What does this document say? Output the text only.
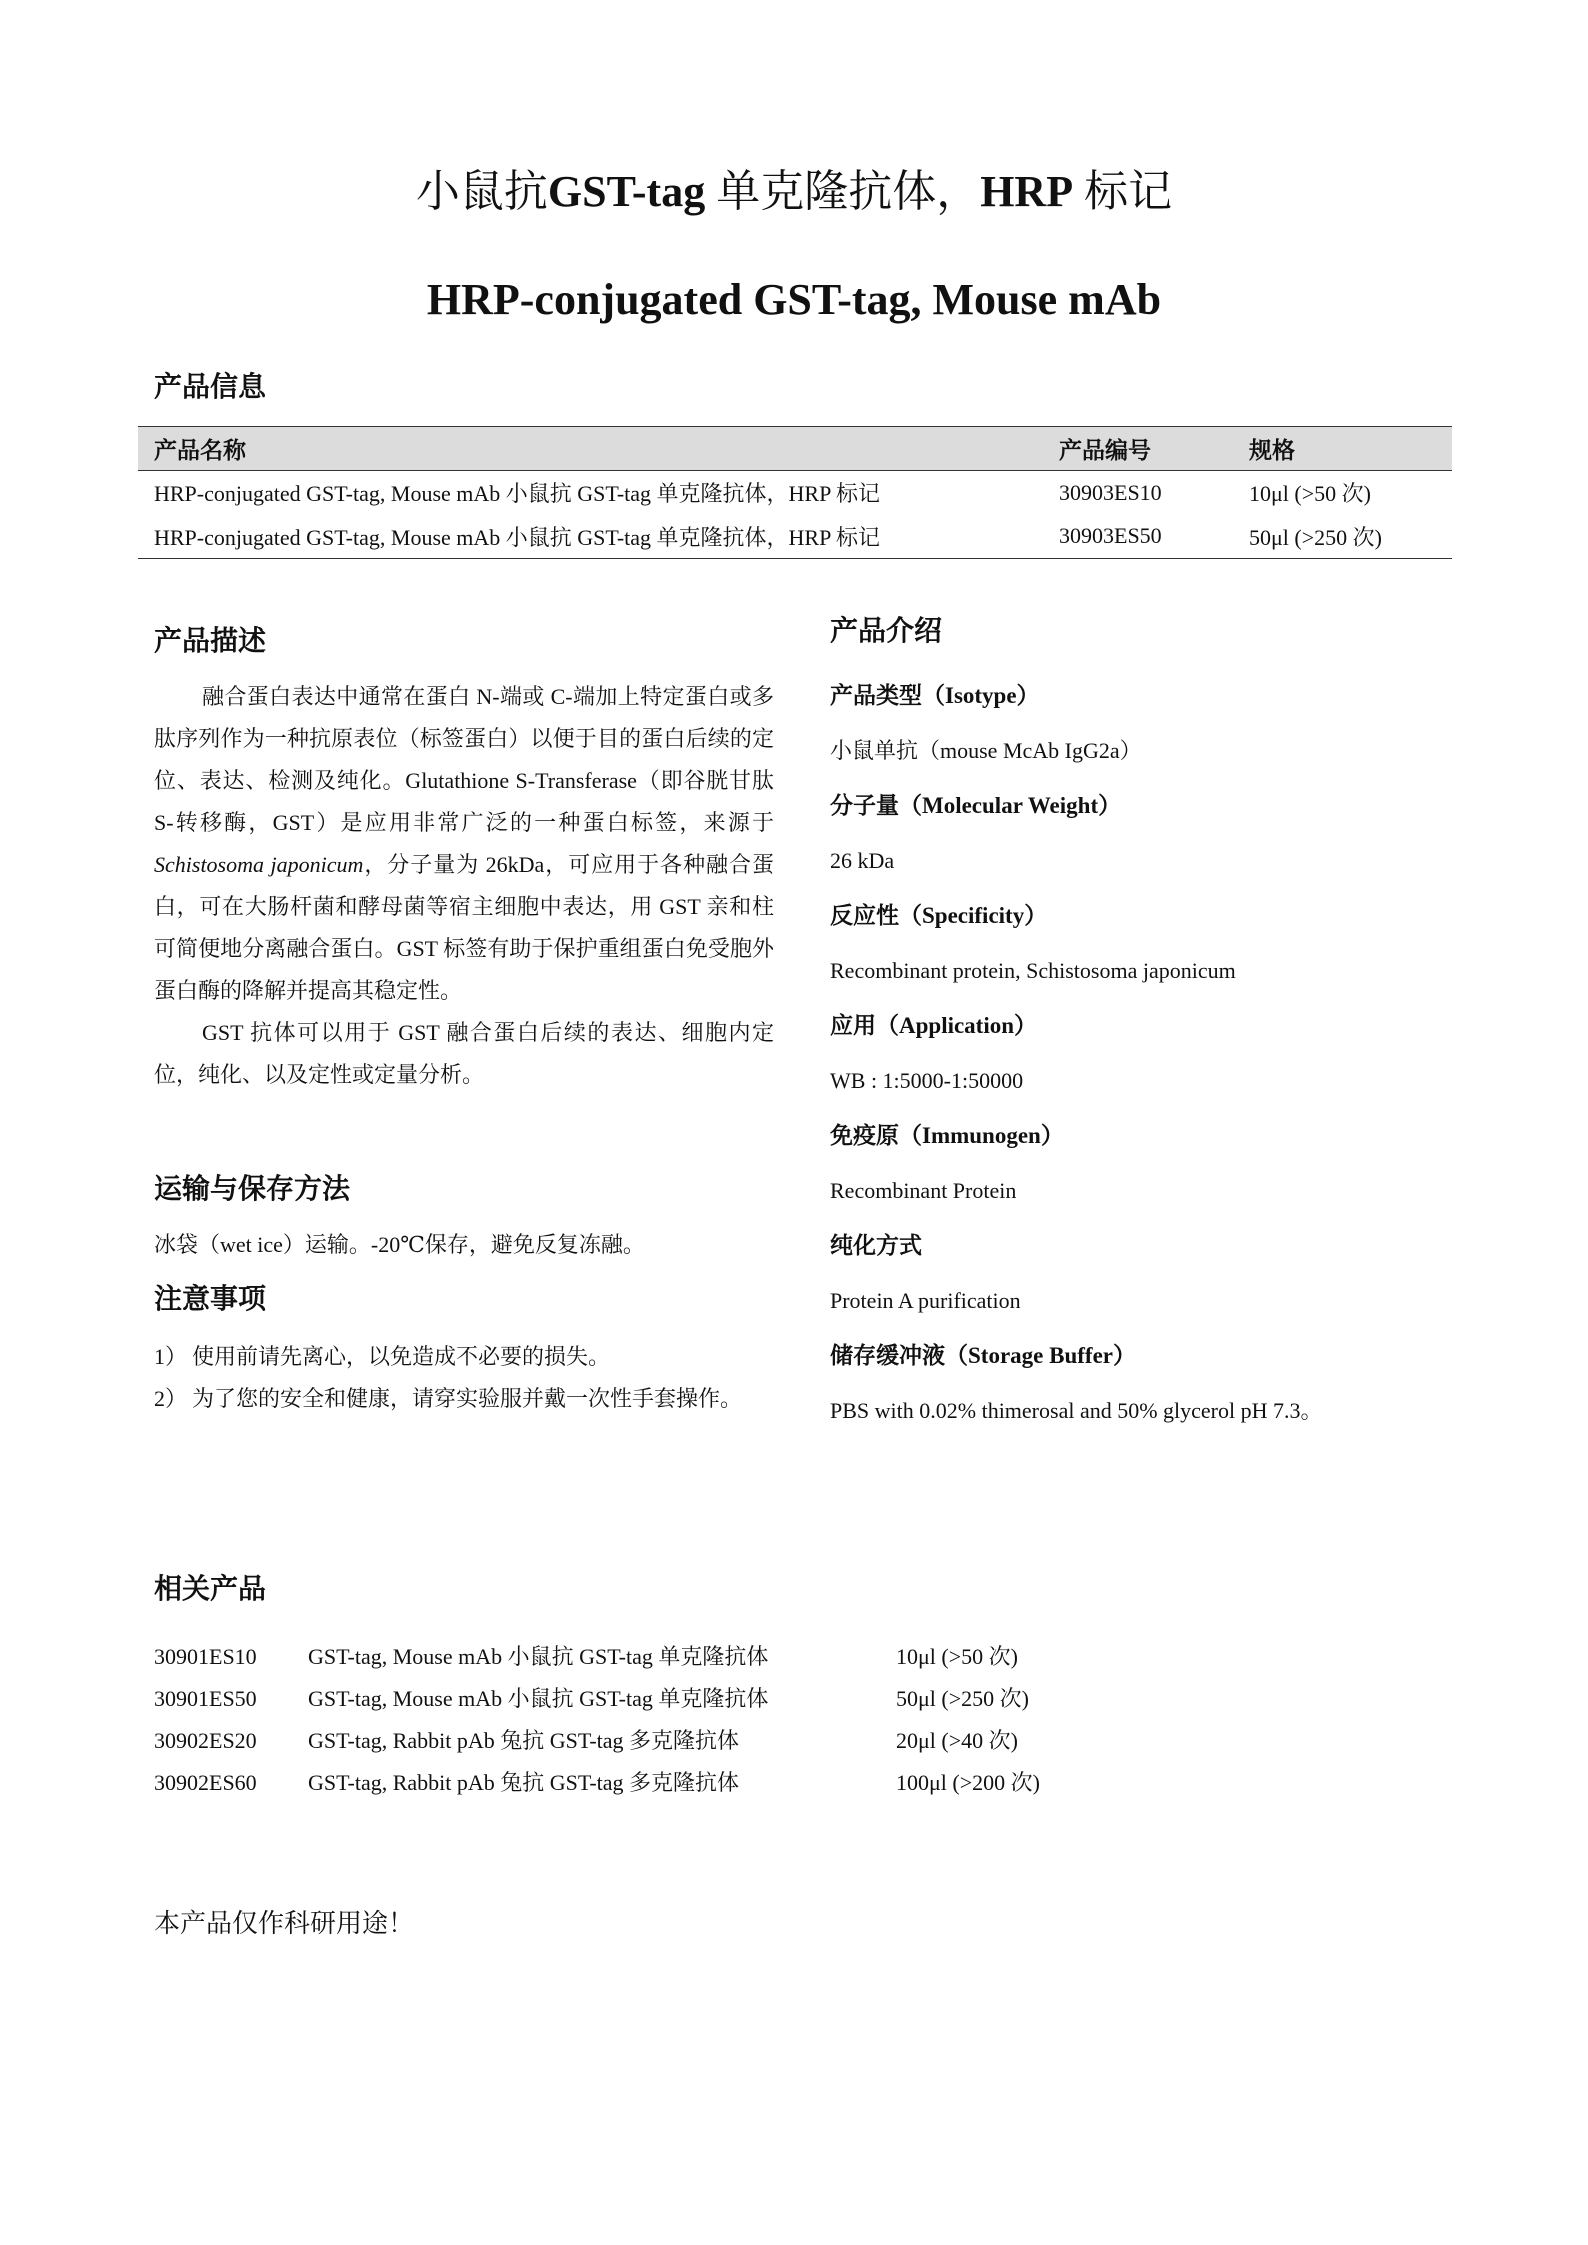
小鼠抗GST-tag 单克隆抗体，HRP 标记
HRP-conjugated GST-tag, Mouse mAb
产品信息
产品名称	产品编号	规格
HRP-conjugated GST-tag, Mouse mAb 小鼠抗 GST-tag 单克隆抗体，HRP 标记	30903ES10	10μl (>50 次)
HRP-conjugated GST-tag, Mouse mAb 小鼠抗 GST-tag 单克隆抗体，HRP 标记	30903ES50	50μl (>250 次)
产品描述

融合蛋白表达中通常在蛋白 N-端或 C-端加上特定蛋白或多肽序列作为一种抗原表位（标签蛋白）以便于目的蛋白后续的定位、表达、检测及纯化。Glutathione S-Transferase（即谷胱甘肽 S-转移酶，GST）是应用非常广泛的一种蛋白标签，来源于 Schistosoma japonicum，分子量为 26kDa，可应用于各种融合蛋白，可在大肠杆菌和酵母菌等宿主细胞中表达，用 GST 亲和柱可简便地分离融合蛋白。GST 标签有助于保护重组蛋白免受胞外蛋白酶的降解并提高其稳定性。

GST 抗体可以用于 GST 融合蛋白后续的表达、细胞内定位，纯化、以及定性或定量分析。

运输与保存方法
冰袋（wet ice）运输。-20℃保存，避免反复冻融。
注意事项
1） 使用前请先离心，以免造成不必要的损失。
2） 为了您的安全和健康，请穿实验服并戴一次性手套操作。
产品介绍
产品类型（Isotype）
小鼠单抗（mouse McAb IgG2a）
分子量（Molecular Weight）
26 kDa
反应性（Specificity）
Recombinant protein, Schistosoma japonicum
应用（Application）
WB : 1:5000-1:50000
免疫原（Immunogen）
Recombinant Protein
纯化方式
Protein A purification
储存缓冲液（Storage Buffer）
PBS with 0.02% thimerosal and 50% glycerol pH 7.3。
相关产品
30901ES10	GST-tag, Mouse mAb 小鼠抗 GST-tag 单克隆抗体	10μl (>50 次)
30901ES50	GST-tag, Mouse mAb 小鼠抗 GST-tag 单克隆抗体	50μl (>250 次)
30902ES20	GST-tag, Rabbit pAb 兔抗 GST-tag 多克隆抗体	20μl (>40 次)
30902ES60	GST-tag, Rabbit pAb 兔抗 GST-tag 多克隆抗体	100μl (>200 次)
本产品仅作科研用途！
